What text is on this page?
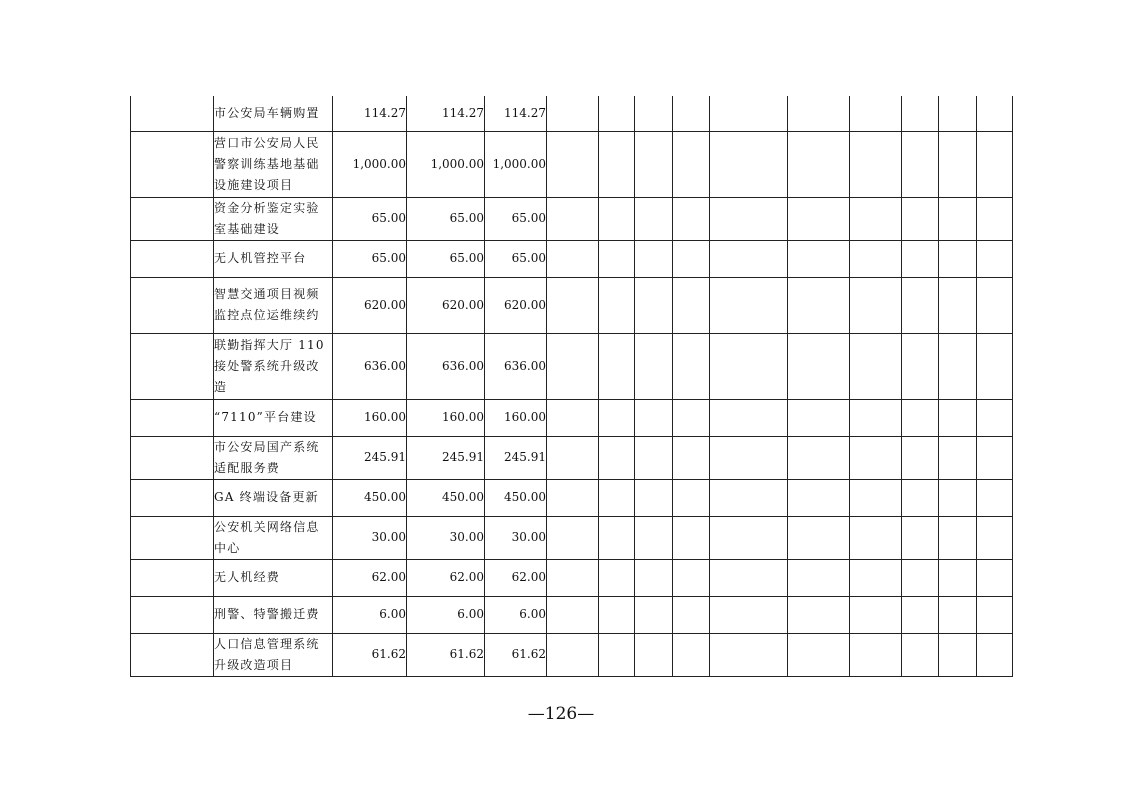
	市公安局车辆购置	114.27	114.27	114.27										
	营口市公安局人民警察训练基地基础设施建设项目	1,000.00	1,000.00	1,000.00										
	资金分析鉴定实验室基础建设	65.00	65.00	65.00										
	无人机管控平台	65.00	65.00	65.00										
	智慧交通项目视频监控点位运维续约	620.00	620.00	620.00										
	联勤指挥大厅 110接处警系统升级改造	636.00	636.00	636.00										
	“7110”平台建设	160.00	160.00	160.00										
	市公安局国产系统适配服务费	245.91	245.91	245.91										
	GA 终端设备更新	450.00	450.00	450.00										
	公安机关网络信息中心	30.00	30.00	30.00										
	无人机经费	62.00	62.00	62.00										
	刑警、特警搬迁费	6.00	6.00	6.00										
	人口信息管理系统升级改造项目	61.62	61.62	61.62										
—126—
